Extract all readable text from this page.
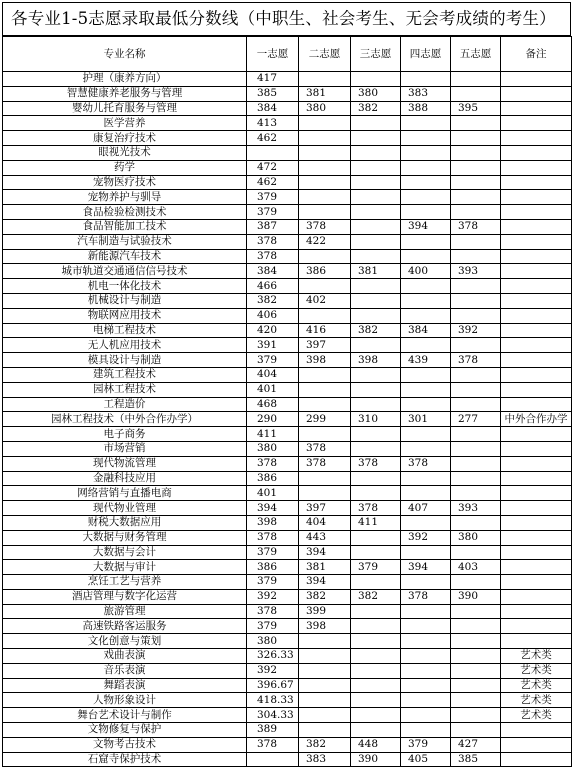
各专业1-5志愿录取最低分数线（中职生、社会考生、无会考成绩的考生）
专业名称	一志愿	二志愿	三志愿	四志愿	五志愿	备注
护理（康养方向）	417					
智慧健康养老服务与管理	385	381	380	383		
婴幼儿托育服务与管理	384	380	382	388	395	
医学营养	413					
康复治疗技术	462					
眼视光技术						
药学	472					
宠物医疗技术	462					
宠物养护与驯导	379					
食品检验检测技术	379					
食品智能加工技术	387	378		394	378	
汽车制造与试验技术	378	422				
新能源汽车技术	378					
城市轨道交通通信信号技术	384	386	381	400	393	
机电一体化技术	466					
机械设计与制造	382	402				
物联网应用技术	406					
电梯工程技术	420	416	382	384	392	
无人机应用技术	391	397				
模具设计与制造	379	398	398	439	378	
建筑工程技术	404					
园林工程技术	401					
工程造价	468					
园林工程技术（中外合作办学）	290	299	310	301	277	中外合作办学
电子商务	411					
市场营销	380	378				
现代物流管理	378	378	378	378		
金融科技应用	386					
网络营销与直播电商	401					
现代物业管理	394	397	378	407	393	
财税大数据应用	398	404	411			
大数据与财务管理	378	443		392	380	
大数据与会计	379	394				
大数据与审计	386	381	379	394	403	
烹饪工艺与营养	379	394				
酒店管理与数字化运营	392	382	382	378	390	
旅游管理	378	399				
高速铁路客运服务	379	398				
文化创意与策划	380					
戏曲表演	326.33					艺术类
音乐表演	392					艺术类
舞蹈表演	396.67					艺术类
人物形象设计	418.33					艺术类
舞台艺术设计与制作	304.33					艺术类
文物修复与保护	389					
文物考古技术	378	382	448	379	427	
石窟寺保护技术		383	390	405	385	
